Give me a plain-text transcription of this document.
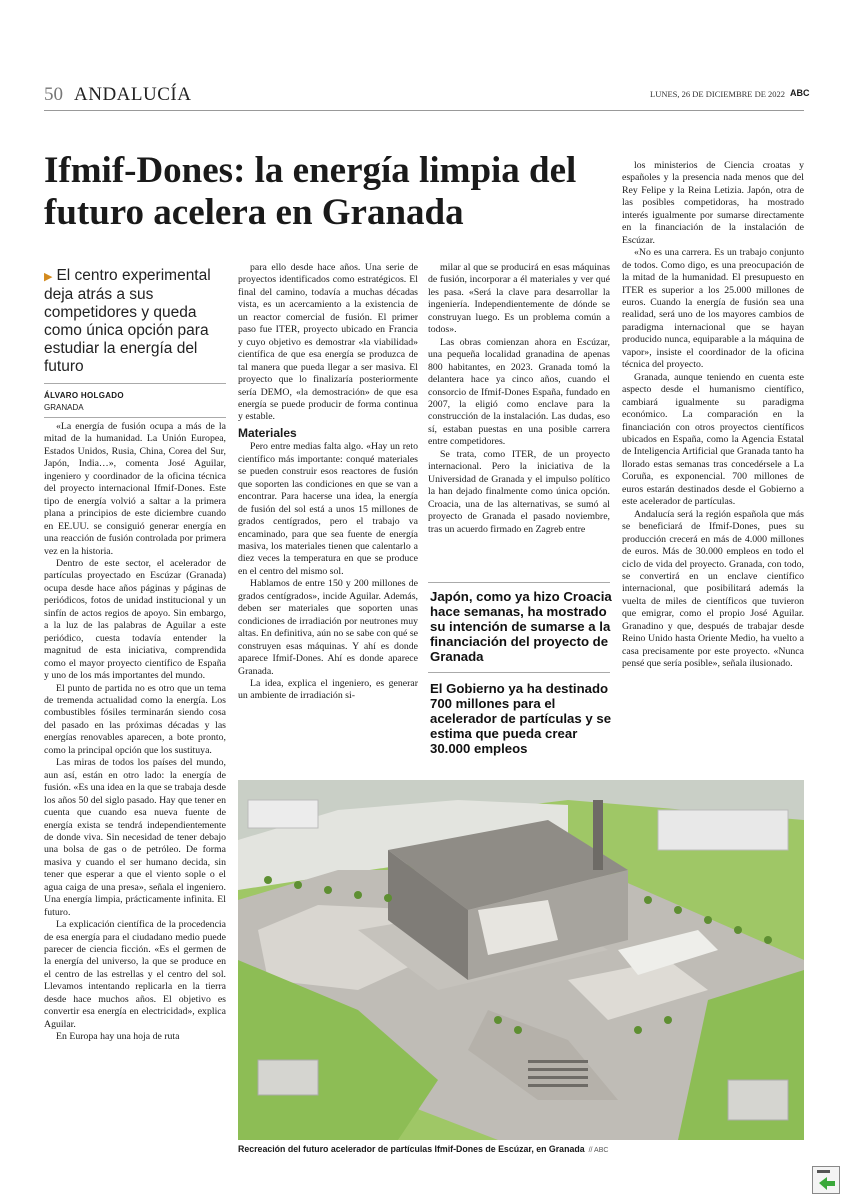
50 ANDALUCÍA	LUNES, 26 DE DICIEMBRE DE 2022 ABC
Ifmif-Dones: la energía limpia del futuro acelera en Granada
▶ El centro experimental deja atrás a sus competidores y queda como única opción para estudiar la energía del futuro
ÁLVARO HOLGADO
GRANADA

«La energía de fusión ocupa a más de la mitad de la humanidad. La Unión Europea, Estados Unidos, Rusia, China, Corea del Sur, Japón, India…», comenta José Aguilar, ingeniero y coordinador de la oficina técnica del proyecto internacional Ifmif-Dones. Este tipo de energía volvió a saltar a la primera plana a principios de este diciembre cuando en EE.UU. se consiguió generar energía en una reacción de fusión controlada por primera vez en la historia.

Dentro de este sector, el acelerador de partículas proyectado en Escúzar (Granada) ocupa desde hace años páginas y páginas de periódicos, fotos de unidad institucional y un sinfín de actos regios de apoyo. Sin embargo, a la luz de las palabras de Aguilar a este periódico, cuesta todavía entender la magnitud de esta iniciativa, comprendida como el mayor proyecto científico de España y uno de los más importantes del mundo.

El punto de partida no es otro que un tema de tremenda actualidad como la energía. Los combustibles fósiles terminarán siendo cosa del pasado en las próximas décadas y las energías renovables aparecen, a bote pronto, como la principal opción que los sustituya.

Las miras de todos los países del mundo, aun así, están en otro lado: la energía de fusión. «Es una idea en la que se trabaja desde los años 50 del siglo pasado. Hay que tener en cuenta que cuando esa nueva fuente de energía exista se tendrá independientemente de donde viva. Sin necesidad de tener debajo una bolsa de gas o de petróleo. De forma masiva y cuando el ser humano decida, sin tener que esperar a que el viento sople o el agua caiga de una presa», señala el ingeniero. Una energía limpia, prácticamente infinita. El futuro.

La explicación científica de la procedencia de esa energía para el ciudadano medio puede parecer de ciencia ficción. «Es el germen de la energía del universo, la que se produce en el centro de las estrellas y el centro del sol. Llevamos intentando replicarla en la tierra desde hace muchos años. El objetivo es convertir esa energía en electricidad», explica Aguilar.

En Europa hay una hoja de ruta

para ello desde hace años. Una serie de proyectos identificados como estratégicos. El final del camino, todavía a muchas décadas vista, es un acercamiento a la existencia de un reactor comercial de fusión. El primer paso fue ITER, proyecto ubicado en Francia y cuyo objetivo es demostrar «la viabilidad» científica de que esa energía se produzca de tal manera que pueda llegar a ser masiva. El proyecto que lo finalizaría posteriormente sería DEMO, «la demostración» de que esa energía se puede producir de forma continua y estable.

Materiales

Pero entre medias falta algo. «Hay un reto científico más importante: conqué materiales se pueden construir esos reactores de fusión que soporten las condiciones en que se van a encontrar. Para hacerse una idea, la energía de fusión del sol está a unos 15 millones de grados centígrados, pero el trabajo va encaminado, para que sea fuente de energía masiva, los materiales tienen que calentarlo a diez veces la temperatura en que se produce en el centro del mismo sol.

Hablamos de entre 150 y 200 millones de grados centígrados», incide Aguilar. Además, deben ser materiales que soporten unas condiciones de irradiación por neutrones muy altas. En definitiva, aún no se sabe con qué se construyen esas máquinas. Y ahí es donde aparece Ifmif-Dones. Ahí es donde aparece Granada.

La idea, explica el ingeniero, es generar un ambiente de irradiación si-

milar al que se producirá en esas máquinas de fusión, incorporar a él materiales y ver qué les pasa. «Será la clave para desarrollar la ingeniería. Independientemente de dónde se construyan luego. Es un problema común a todos».

Las obras comienzan ahora en Escúzar, una pequeña localidad granadina de apenas 800 habitantes, en 2023. Granada tomó la delantera hace ya cinco años, cuando el consorcio de Ifmif-Dones España, fundado en 2007, la eligió como enclave para la construcción de la instalación. Las dudas, eso sí, estaban puestas en una posible carrera entre competidores.

Se trata, como ITER, de un proyecto internacional. Pero la iniciativa de la Universidad de Granada y el impulso político la han dejado finalmente como única opción. Croacia, una de las alternativas, se sumó al proyecto de Granada el pasado noviembre, tras un acuerdo firmado en Zagreb entre

Japón, como ya hizo Croacia hace semanas, ha mostrado su intención de sumarse a la financiación del proyecto de Granada
El Gobierno ya ha destinado 700 millones para el acelerador de partículas y se estima que pueda crear 30.000 empleos

los ministerios de Ciencia croatas y españoles y la presencia nada menos que del Rey Felipe y la Reina Letizia. Japón, otra de las posibles competidoras, ha mostrado interés igualmente por sumarse directamente en la financiación de la instalación de Escúzar.

«No es una carrera. Es un trabajo conjunto de todos. Como digo, es una preocupación de la mitad de la humanidad. El presupuesto en ITER es superior a los 25.000 millones de euros. Cuando la energía de fusión sea una realidad, será uno de los mayores cambios de paradigma internacional que se hayan producido nunca, equiparable a la máquina de vapor», insiste el coordinador de la oficina técnica del proyecto.

Granada, aunque teniendo en cuenta este aspecto desde el humanismo científico, cambiará igualmente su paradigma económico. La comparación en la financiación con otros proyectos científicos ubicados en España, como la Agencia Estatal de Inteligencia Artificial que Granada tanto ha llorado estas semanas tras concedérsele a La Coruña, es exponencial. 700 millones de euros estarán destinados desde el Gobierno a este acelerador de partículas.

Andalucía será la región española que más se beneficiará de Ifmif-Dones, pues su producción crecerá en más de 4.000 millones de euros. Más de 30.000 empleos en todo el ciclo de vida del proyecto. Granada, con todo, se convertirá en un enclave científico internacional, que posibilitará además la vuelta de miles de científicos que tuvieron que emigrar, como el propio José Aguilar. Granadino y que, después de trabajar desde Reino Unido hasta Oriente Medio, ha vuelto a casa precisamente por este proyecto. «Nunca pensé que sería posible», señala ilusionado.

Recreación del futuro acelerador de partículas Ifmif-Dones de Escúzar, en Granada // ABC
